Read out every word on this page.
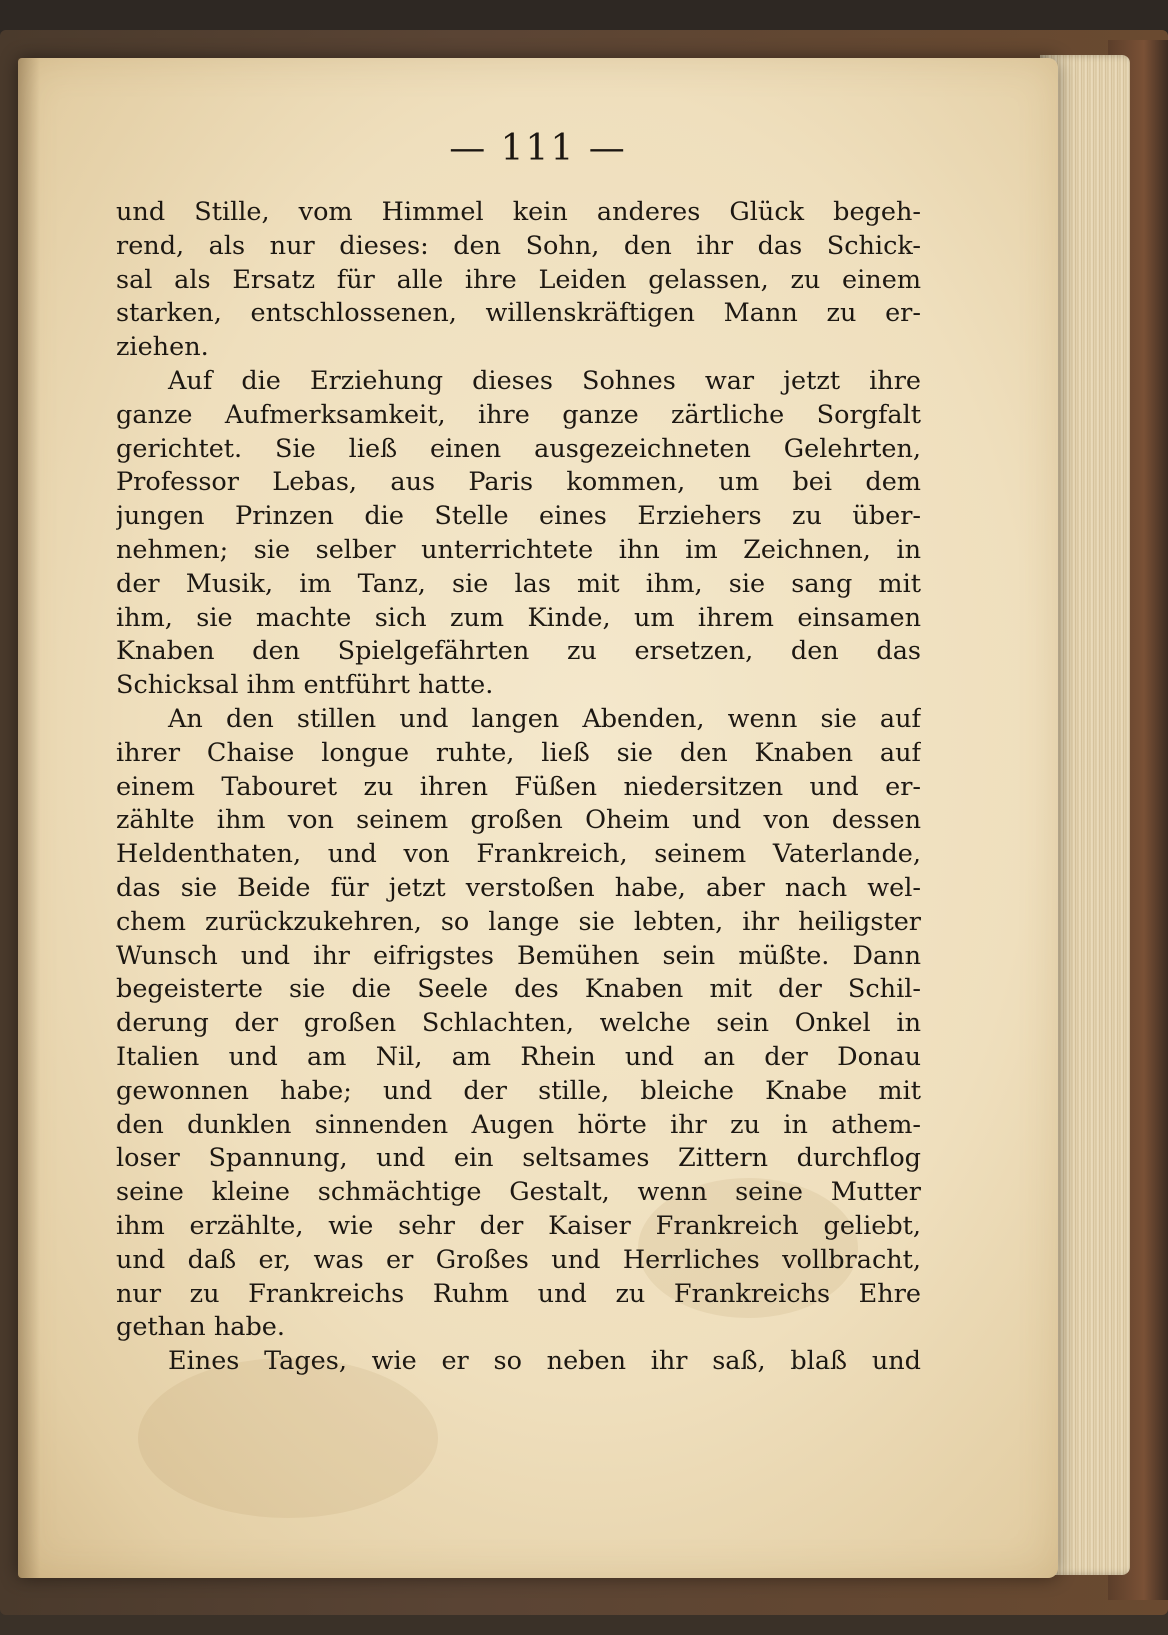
— 111 —
und Stille, vom Himmel kein anderes Glück begeh-
rend, als nur dieses: den Sohn, den ihr das Schick-
sal als Ersatz für alle ihre Leiden gelassen, zu einem
starken, entschlossenen, willenskräftigen Mann zu er-
ziehen.
Auf die Erziehung dieses Sohnes war jetzt ihre
ganze Aufmerksamkeit, ihre ganze zärtliche Sorgfalt
gerichtet. Sie ließ einen ausgezeichneten Gelehrten,
Professor Lebas, aus Paris kommen, um bei dem
jungen Prinzen die Stelle eines Erziehers zu über-
nehmen; sie selber unterrichtete ihn im Zeichnen, in
der Musik, im Tanz, sie las mit ihm, sie sang mit
ihm, sie machte sich zum Kinde, um ihrem einsamen
Knaben den Spielgefährten zu ersetzen, den das
Schicksal ihm entführt hatte.
An den stillen und langen Abenden, wenn sie auf
ihrer Chaise longue ruhte, ließ sie den Knaben auf
einem Tabouret zu ihren Füßen niedersitzen und er-
zählte ihm von seinem großen Oheim und von dessen
Heldenthaten, und von Frankreich, seinem Vaterlande,
das sie Beide für jetzt verstoßen habe, aber nach wel-
chem zurückzukehren, so lange sie lebten, ihr heiligster
Wunsch und ihr eifrigstes Bemühen sein müßte. Dann
begeisterte sie die Seele des Knaben mit der Schil-
derung der großen Schlachten, welche sein Onkel in
Italien und am Nil, am Rhein und an der Donau
gewonnen habe; und der stille, bleiche Knabe mit
den dunklen sinnenden Augen hörte ihr zu in athem-
loser Spannung, und ein seltsames Zittern durchflog
seine kleine schmächtige Gestalt, wenn seine Mutter
ihm erzählte, wie sehr der Kaiser Frankreich geliebt,
und daß er, was er Großes und Herrliches vollbracht,
nur zu Frankreichs Ruhm und zu Frankreichs Ehre
gethan habe.
Eines Tages, wie er so neben ihr saß, blaß und
